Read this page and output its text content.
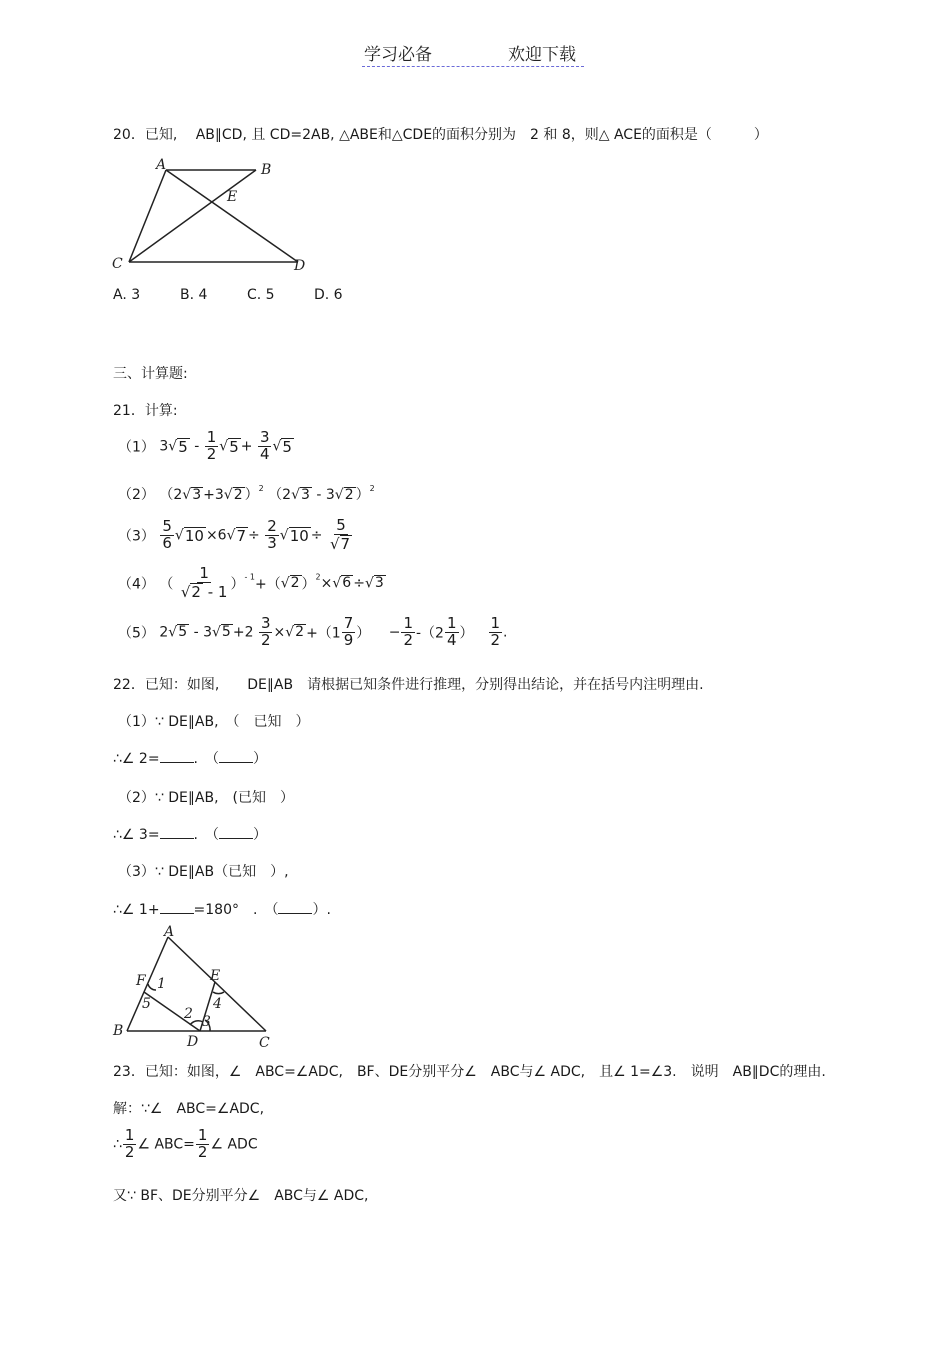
学习必备	欢迎下载
20．已知,　 AB∥CD, 且 CD=2AB, △ABE和△CDE的面积分别为　2 和 8，则△ ACE的面积是（　　　）
A	B
E
C	D
A. 3	B. 4	C. 5	D. 6
三、计算题:
21．计算:
（1） $3√5 - \frac{1}{2} √5 + \frac{3}{4} √5$
（2） （2√3 +3√2 ）$^2$ （2√3 - 3√2 ）$^2$
$(3) \frac{5}{6} √10 \times 6√7 \div \frac{2}{3} √10 \div \frac{5}{√7}$
（4） （ $\frac{1}{√2 - 1} )^{- 1}+(√2$ ）$^2$×√6 ÷√3
（5） $2√5 - 3√5 +2 \frac{3}{2} \times√2 +(1 \frac{7}{9}$ ）   − $\frac{1}{2} -(2 \frac{1}{4}$ ）  $\frac{1}{2}$ .
22．已知：如图,　　DE∥AB　请根据已知条件进行推理，分别得出结论，并在括号内注明理由.
（1）∵ DE∥AB,　（　已知　）
∴∠ 2= .　（ ）
（2）∵ DE∥AB,　(已知　）
∴∠ 3= .　（ ）
（3）∵ DE∥AB（已知　）,
∴∠ 1+ =180°　.　（ ）.
A
E
F 1
5	4
2 3
B
D	C
23．已知：如图，∠　ABC=∠ADC,　BF、DE分别平分∠　ABC与∠ ADC,　且∠ 1=∠3.　说明　AB∥DC的理由.
解：∵∠　ABC=∠ADC,
∴ $\frac{1}{2}$ ∠ $ABC= \frac{1}{2}$ ∠ ADC
又∵ BF、DE分别平分∠　ABC与∠ ADC,
